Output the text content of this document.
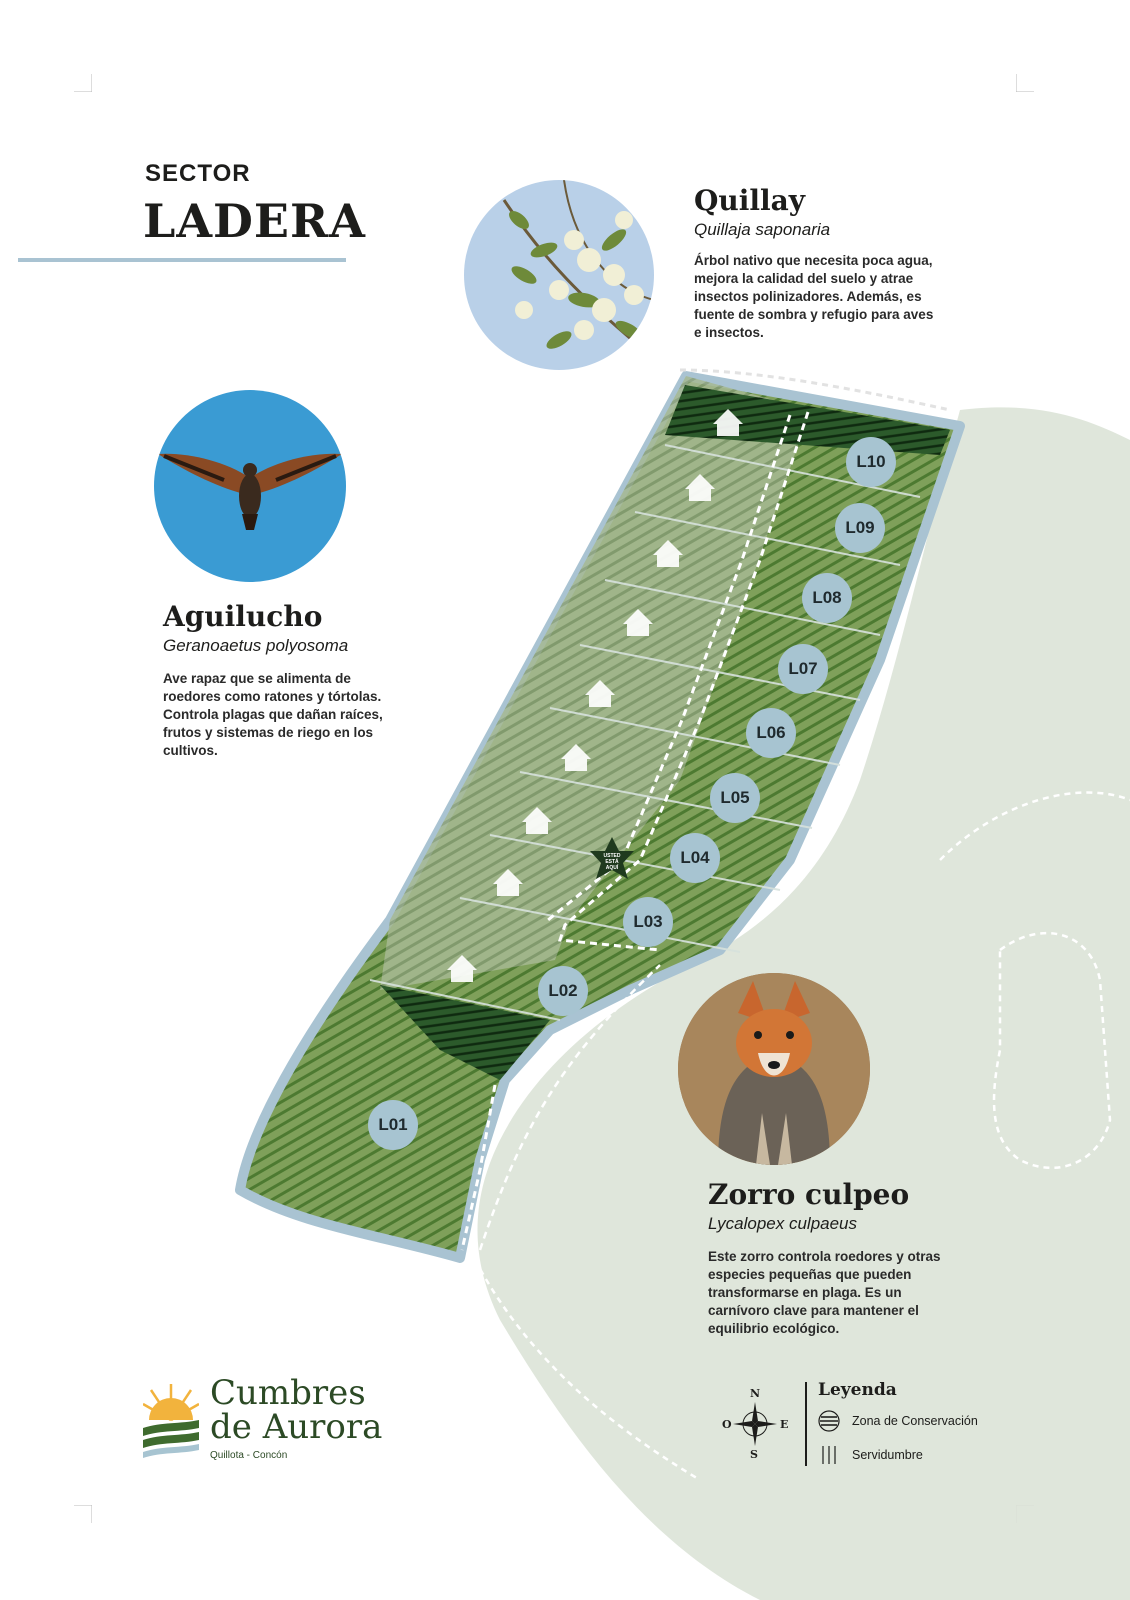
SECTOR
LADERA
USTED
ESTÁ
AQUÍ
L01
L02
L03
L04
L05
L06
L07
L08
L09
L10
Quillay
Quillaja saponaria
Árbol nativo que necesita poca agua, mejora la calidad del suelo y atrae insectos polinizadores. Además, es fuente de sombra y refugio para aves e insectos.
Aguilucho
Geranoaetus polyosoma
Ave rapaz que se alimenta de roedores como ratones y tórtolas. Controla plagas que dañan raíces, frutos y sistemas de riego en los cultivos.
Zorro culpeo
Lycalopex culpaeus
Este zorro controla roedores y otras especies pequeñas que pueden transformarse en plaga. Es un carnívoro clave para mantener el equilibrio ecológico.
Cumbres
de Aurora
Quillota - Concón
N
S
O	E
Leyenda
Zona de Conservación
Servidumbre
